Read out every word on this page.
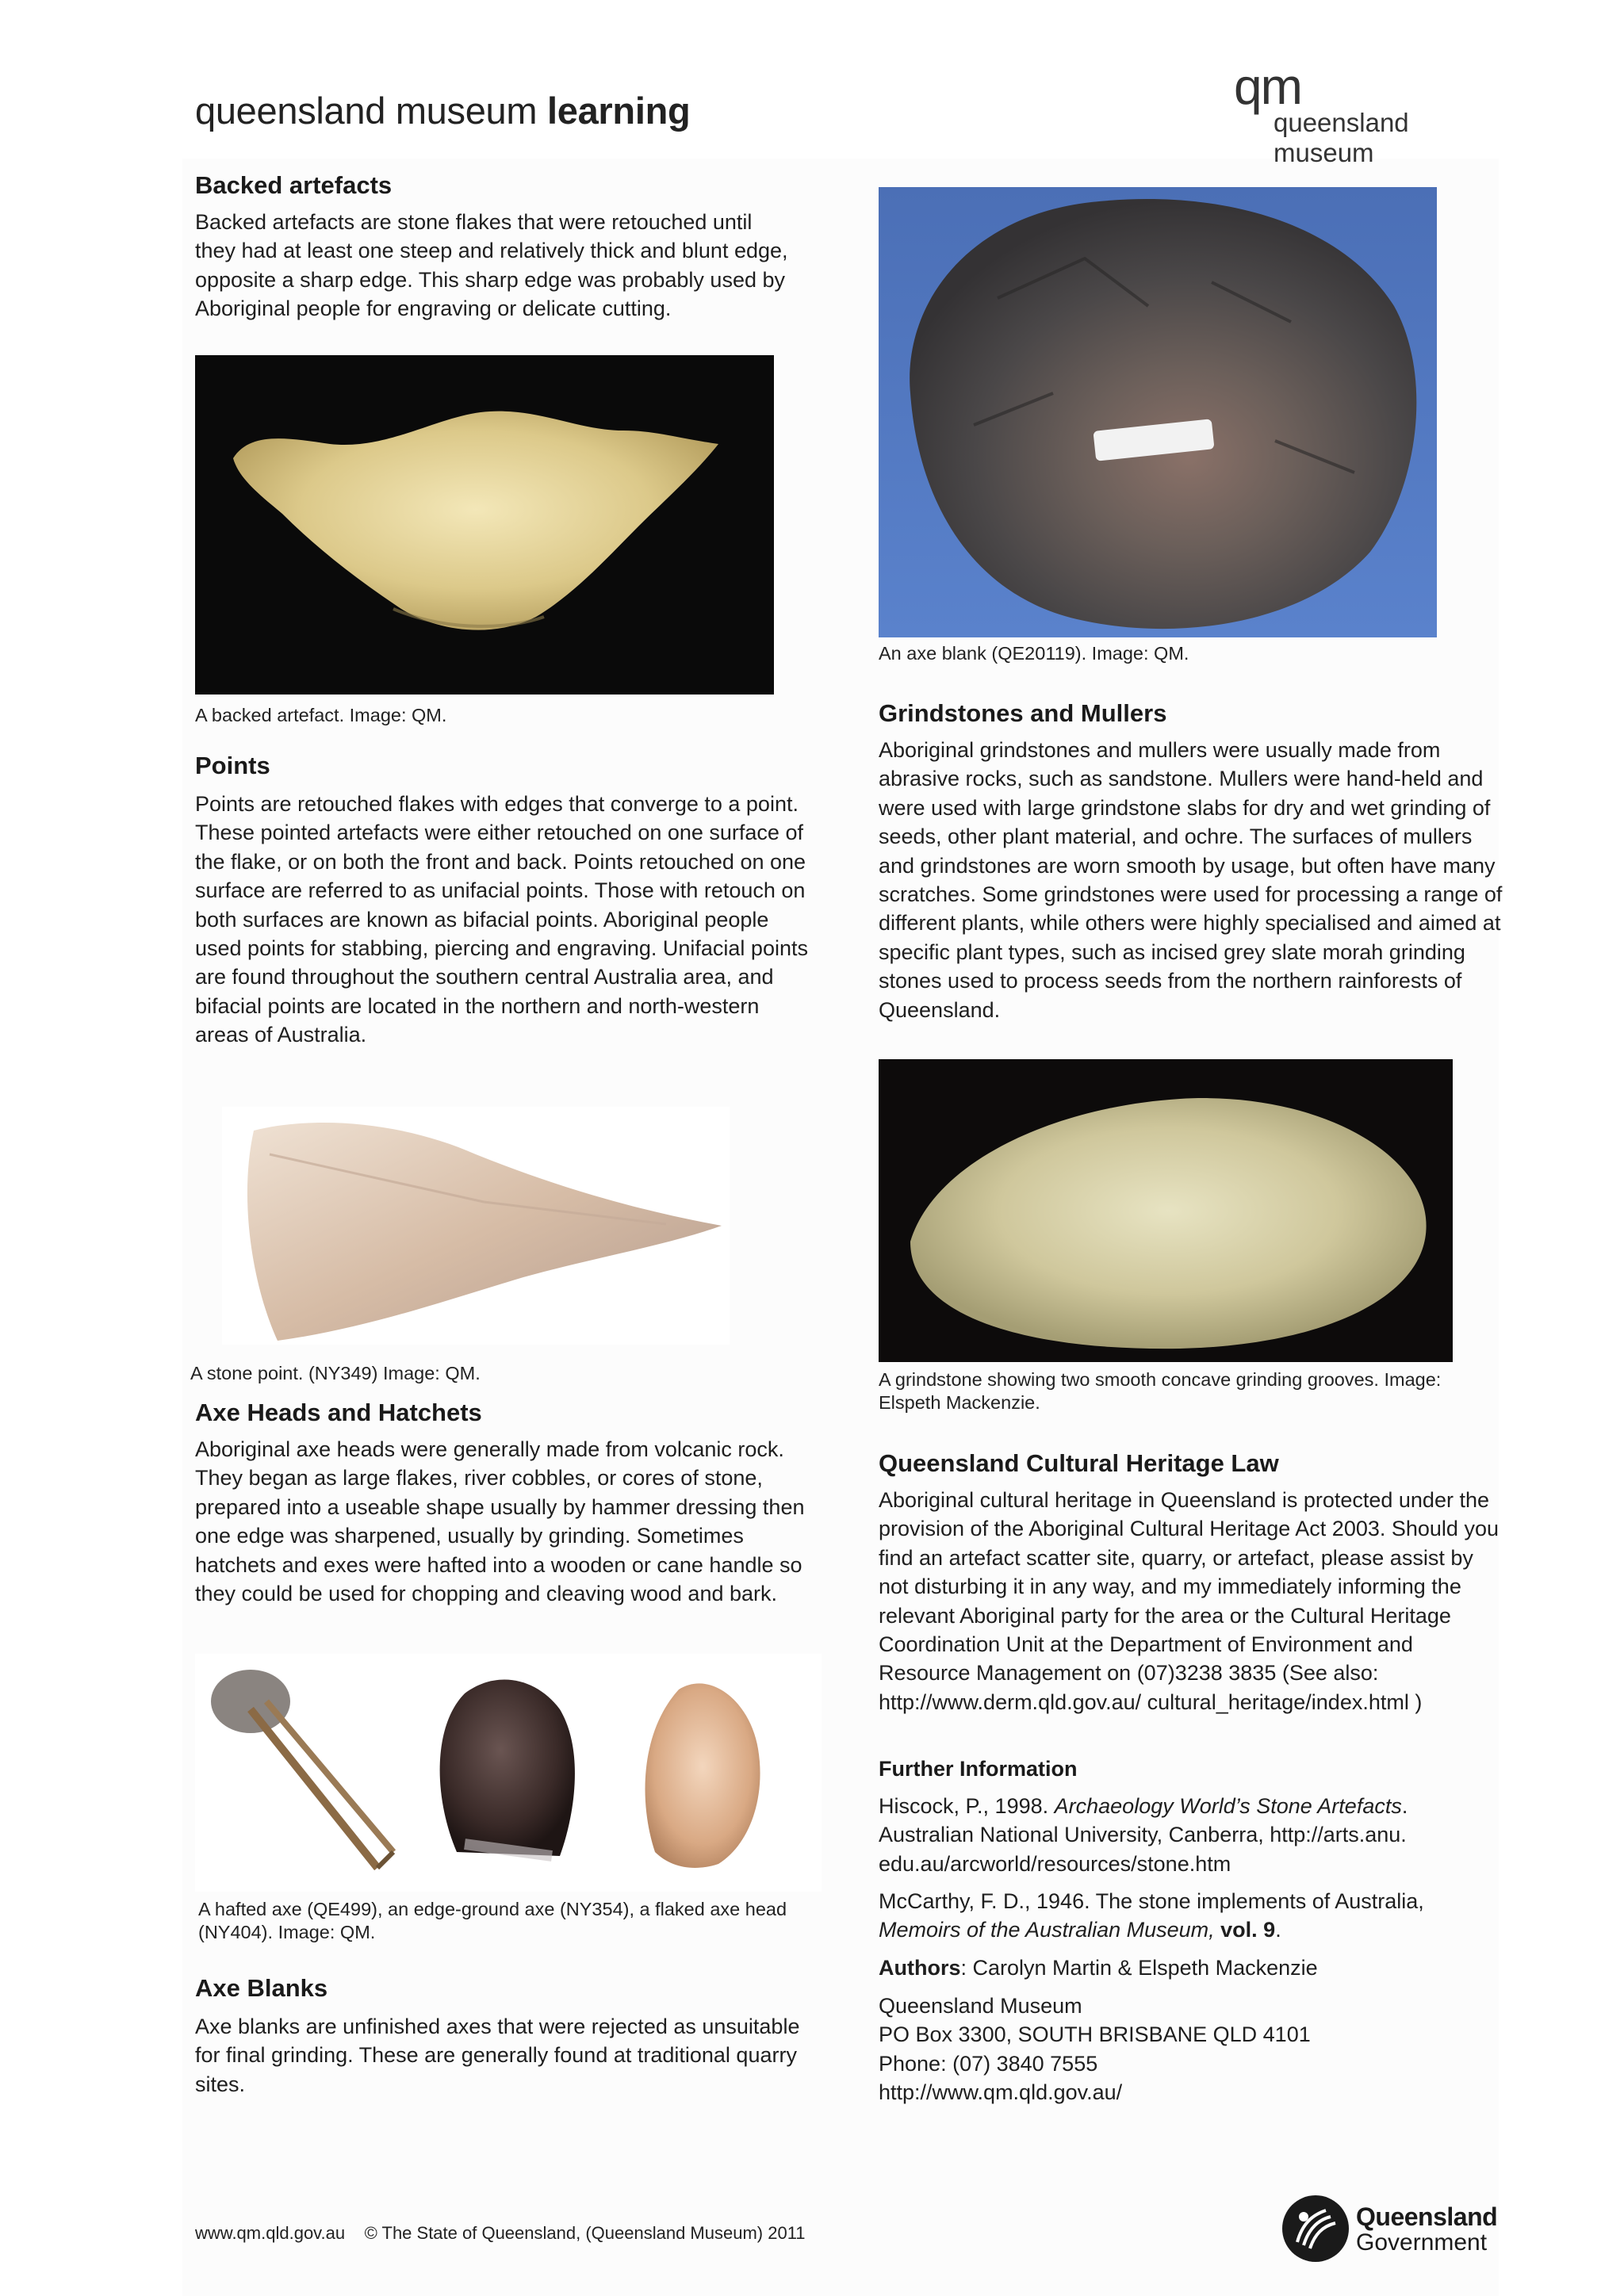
queensland museum learning	qm
queensland museum
Backed artefacts
Backed artefacts are stone flakes that were retouched until they had at least one steep and relatively thick and blunt edge, opposite a sharp edge. This sharp edge was probably used by Aboriginal people for engraving or delicate cutting.
A backed artefact. Image: QM.
Points
Points are retouched flakes with edges that converge to a point. These pointed artefacts were either retouched on one surface of the flake, or on both the front and back. Points retouched on one surface are referred to as unifacial points. Those with retouch on both surfaces are known as bifacial points. Aboriginal people used points for stabbing, piercing and engraving. Unifacial points are found throughout the southern central Australia area, and bifacial points are located in the northern and north-western areas of Australia.
A stone point. (NY349) Image: QM.
Axe Heads and Hatchets
Aboriginal axe heads were generally made from volcanic rock. They began as large flakes, river cobbles, or cores of stone, prepared into a useable shape usually by hammer dressing then one edge was sharpened, usually by grinding. Sometimes hatchets and exes were hafted into a wooden or cane handle so they could be used for chopping and cleaving wood and bark.
A hafted axe (QE499), an edge-ground axe (NY354), a flaked axe head (NY404). Image: QM.
Axe Blanks
Axe blanks are unfinished axes that were rejected as unsuitable for final grinding. These are generally found at traditional quarry sites.
An axe blank (QE20119). Image: QM.
Grindstones and Mullers
Aboriginal grindstones and mullers were usually made from abrasive rocks, such as sandstone. Mullers were hand-held and were used with large grindstone slabs for dry and wet grinding of seeds, other plant material, and ochre. The surfaces of mullers and grindstones are worn smooth by usage, but often have many scratches. Some grindstones were used for processing a range of different plants, while others were highly specialised and aimed at specific plant types, such as incised grey slate morah grinding stones used to process seeds from the northern rainforests of Queensland.
A grindstone showing two smooth concave grinding grooves. Image: Elspeth Mackenzie.
Queensland Cultural Heritage Law
Aboriginal cultural heritage in Queensland is protected under the provision of the Aboriginal Cultural Heritage Act 2003. Should you find an artefact scatter site, quarry, or artefact, please assist by not disturbing it in any way, and my immediately informing the relevant Aboriginal party for the area or the Cultural Heritage Coordination Unit at the Department of Environment and Resource Management on (07)3238 3835 (See also: http://www.derm.qld.gov.au/ cultural_heritage/index.html )
Further Information
Hiscock, P., 1998. Archaeology World’s Stone Artefacts. Australian National University, Canberra, http://arts.anu. edu.au/arcworld/resources/stone.htm
McCarthy, F. D., 1946. The stone implements of Australia, Memoirs of the Australian Museum, vol. 9.
Authors: Carolyn Martin & Elspeth Mackenzie
Queensland Museum
PO Box 3300, SOUTH BRISBANE QLD 4101
Phone: (07) 3840 7555
http://www.qm.qld.gov.au/
www.qm.qld.gov.au    © The State of Queensland, (Queensland Museum) 2011
Queensland
Government
